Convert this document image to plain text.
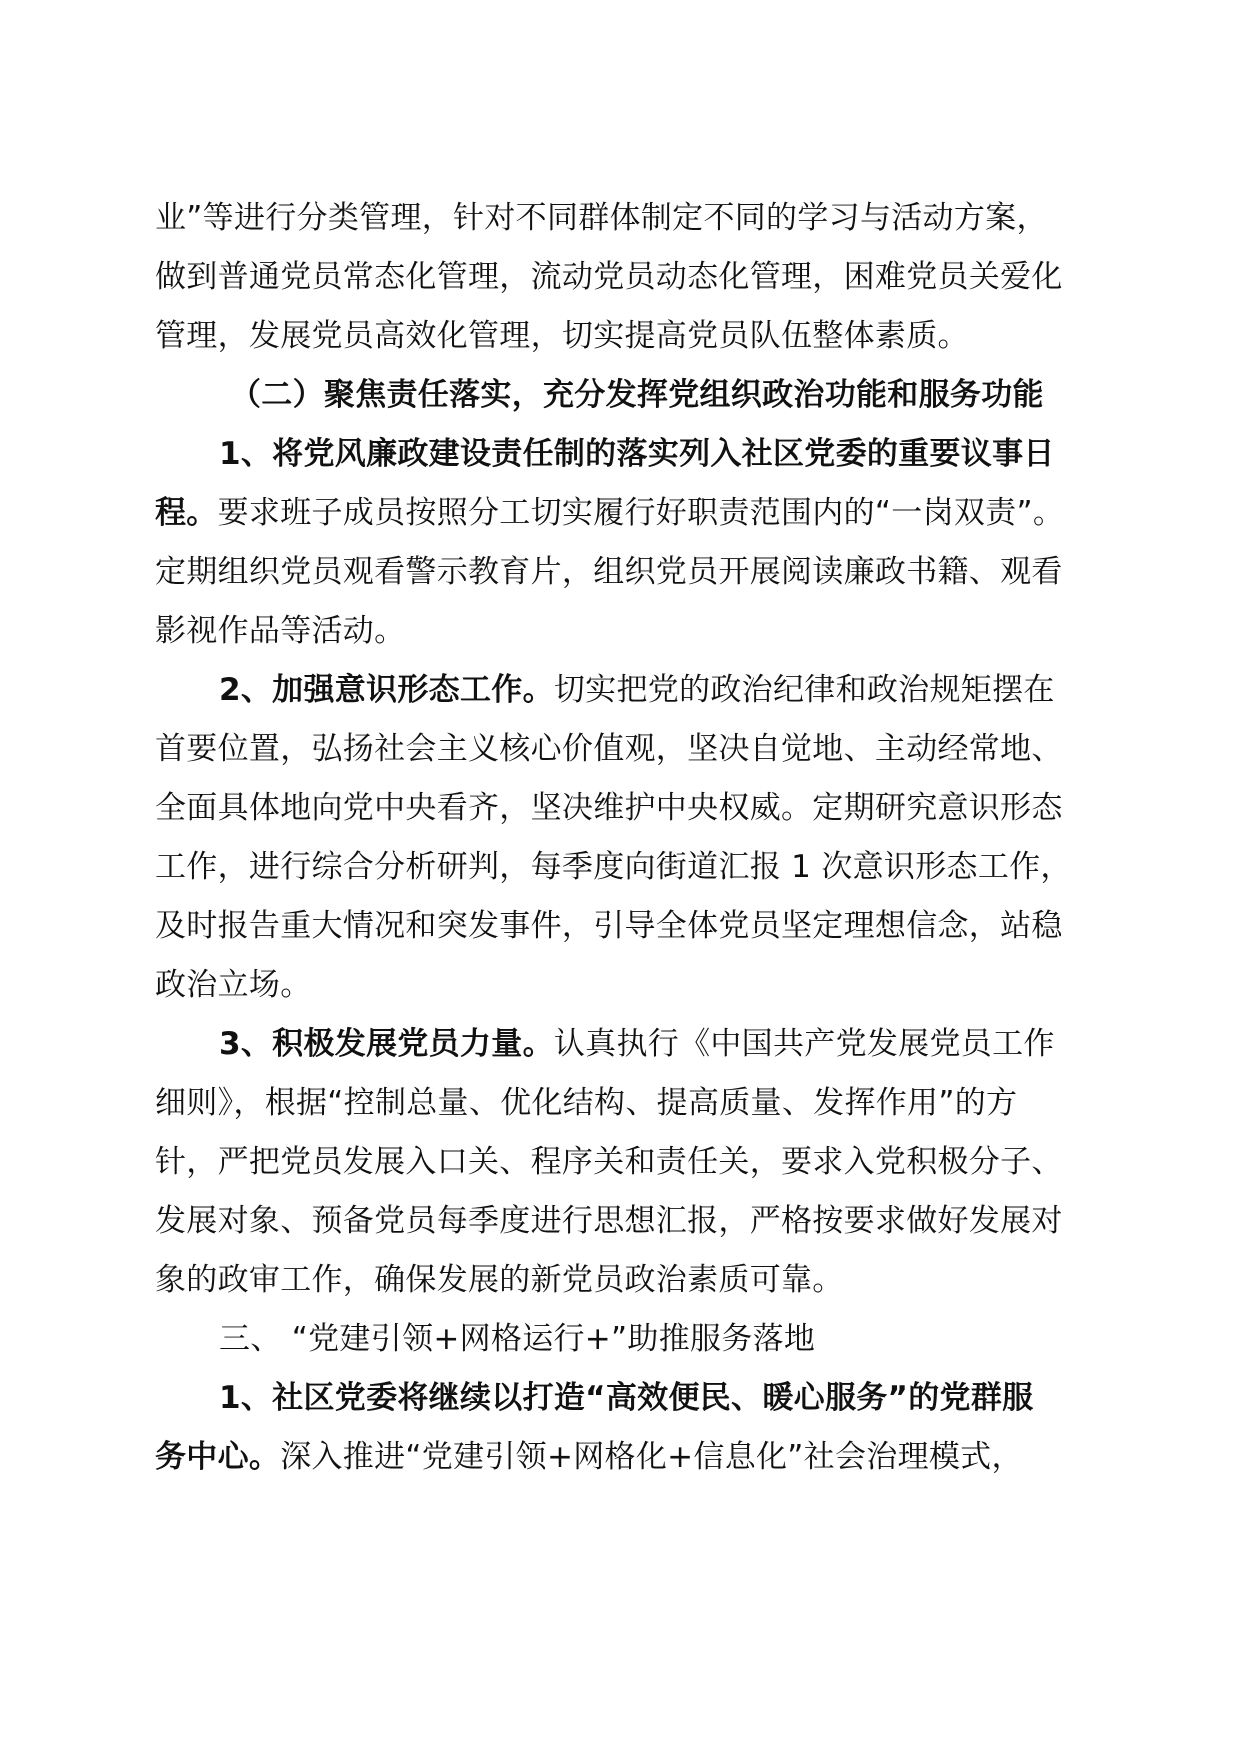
业”等进行分类管理，针对不同群体制定不同的学习与活动方案，
做到普通党员常态化管理，流动党员动态化管理，困难党员关爱化
管理，发展党员高效化管理，切实提高党员队伍整体素质。
（二）聚焦责任落实，充分发挥党组织政治功能和服务功能
1、将党风廉政建设责任制的落实列入社区党委的重要议事日
程。要求班子成员按照分工切实履行好职责范围内的“一岗双责”。
定期组织党员观看警示教育片，组织党员开展阅读廉政书籍、观看
影视作品等活动。
2、加强意识形态工作。切实把党的政治纪律和政治规矩摆在
首要位置，弘扬社会主义核心价值观，坚决自觉地、主动经常地、
全面具体地向党中央看齐，坚决维护中央权威。定期研究意识形态
工作，进行综合分析研判，每季度向街道汇报 1 次意识形态工作，
及时报告重大情况和突发事件，引导全体党员坚定理想信念，站稳
政治立场。
3、积极发展党员力量。认真执行《中国共产党发展党员工作
细则》，根据“控制总量、优化结构、提高质量、发挥作用”的方
针，严把党员发展入口关、程序关和责任关，要求入党积极分子、
发展对象、预备党员每季度进行思想汇报，严格按要求做好发展对
象的政审工作，确保发展的新党员政治素质可靠。
三、 “党建引领+网格运行+”助推服务落地
1、社区党委将继续以打造“高效便民、暖心服务”的党群服
务中心。深入推进“党建引领+网格化+信息化”社会治理模式，
